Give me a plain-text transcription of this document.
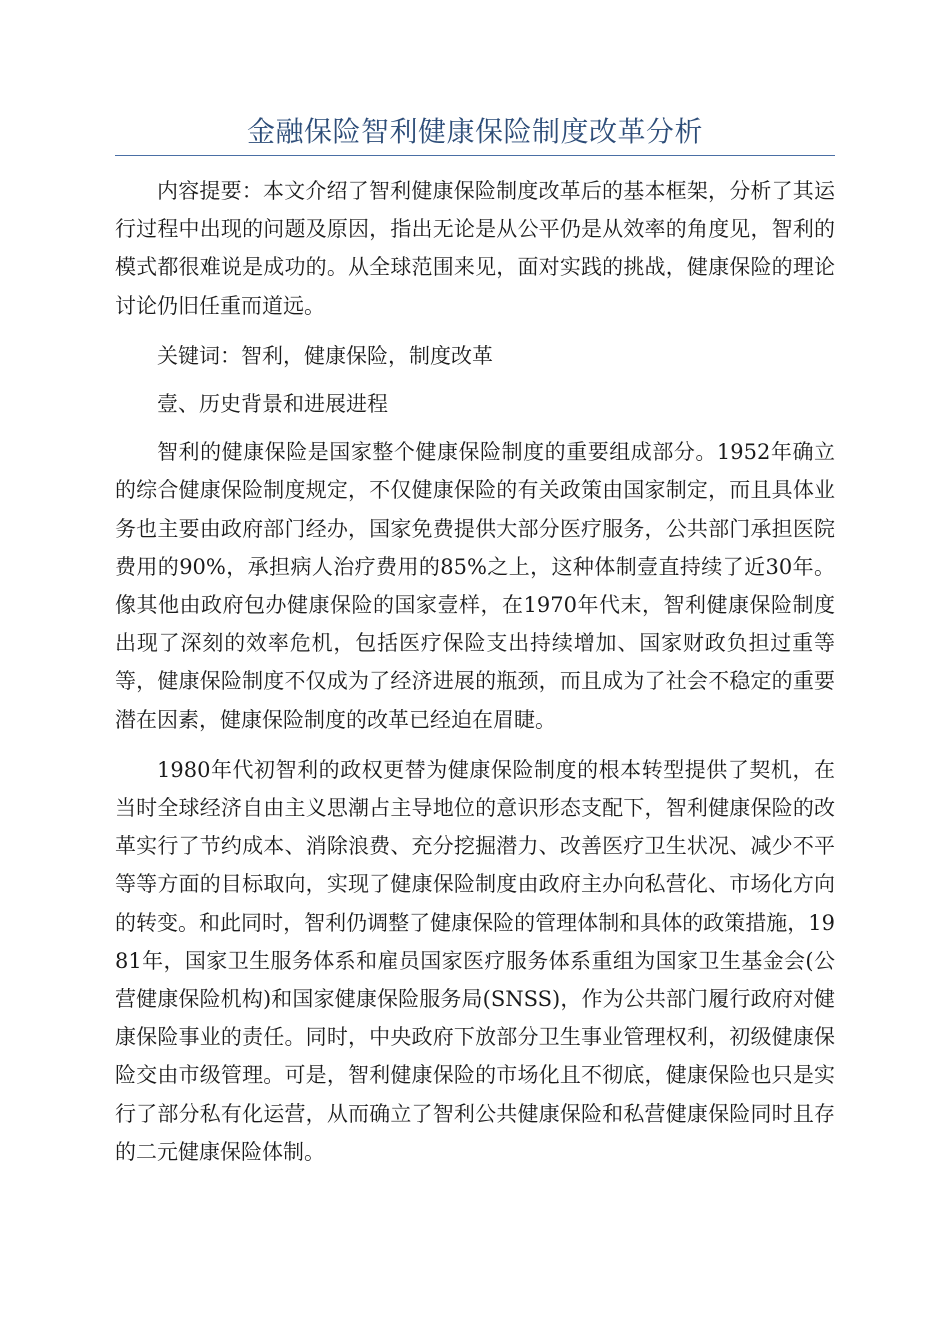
金融保险智利健康保险制度改革分析

内容提要：本文介绍了智利健康保险制度改革后的基本框架，分析了其运行过程中出现的问题及原因，指出无论是从公平仍是从效率的角度见，智利的模式都很难说是成功的。从全球范围来见，面对实践的挑战，健康保险的理论讨论仍旧任重而道远。

关键词：智利，健康保险，制度改革

壹、历史背景和进展进程

智利的健康保险是国家整个健康保险制度的重要组成部分。1952年确立的综合健康保险制度规定，不仅健康保险的有关政策由国家制定，而且具体业务也主要由政府部门经办，国家免费提供大部分医疗服务，公共部门承担医院费用的90%，承担病人治疗费用的85%之上，这种体制壹直持续了近30年。像其他由政府包办健康保险的国家壹样，在1970年代末，智利健康保险制度出现了深刻的效率危机，包括医疗保险支出持续增加、国家财政负担过重等等，健康保险制度不仅成为了经济进展的瓶颈，而且成为了社会不稳定的重要潜在因素，健康保险制度的改革已经迫在眉睫。

1980年代初智利的政权更替为健康保险制度的根本转型提供了契机，在当时全球经济自由主义思潮占主导地位的意识形态支配下，智利健康保险的改革实行了节约成本、消除浪费、充分挖掘潜力、改善医疗卫生状况、减少不平等等方面的目标取向，实现了健康保险制度由政府主办向私营化、市场化方向的转变。和此同时，智利仍调整了健康保险的管理体制和具体的政策措施，1981年，国家卫生服务体系和雇员国家医疗服务体系重组为国家卫生基金会(公营健康保险机构)和国家健康保险服务局(SNSS)，作为公共部门履行政府对健康保险事业的责任。同时，中央政府下放部分卫生事业管理权利，初级健康保险交由市级管理。可是，智利健康保险的市场化且不彻底，健康保险也只是实行了部分私有化运营，从而确立了智利公共健康保险和私营健康保险同时且存的二元健康保险体制。
